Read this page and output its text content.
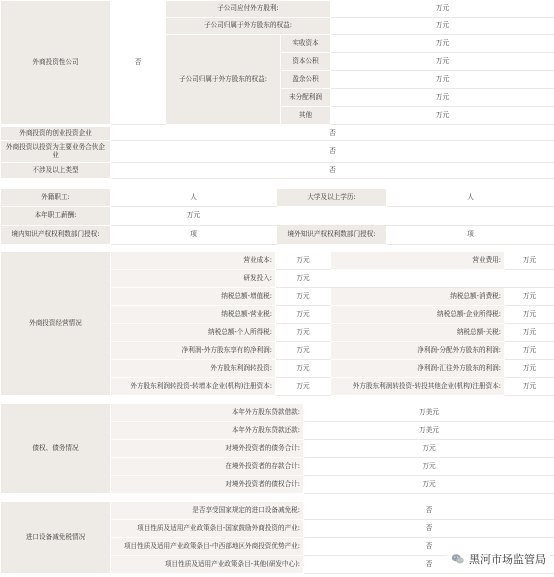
外商投资性公司	否	子公司应付外方股利:		万元
		子公司归属于外方股东的权益:		万元
		子公司归属于外方股东的权益:	实收资本	万元
			资本公积	万元
			盈余公积	万元
			未分配利润	万元
			其他	万元
外商投资的创业投资企业	否
外商投资以投资为主要业务合伙企业	否
不涉及以上类型	否
外籍职工:	人	大学及以上学历:	人
本年职工薪酬:	万元		
境内知识产权权利数部门授权:	项	境外知识产权权利数部门授权:	项
外商投资经营情况	营业成本:	万元	营业费用:	万元
	研发投入:	万元		
	纳税总额-增值税:	万元	纳税总额-消费税:	万元
	纳税总额-营业税:	万元	纳税总额-企业所得税:	万元
	纳税总额-个人所得税:	万元	纳税总额-关税:	万元
	净利润-外方股东享有的净利润:	万元	净利润-分配外方股东的利润:	万元
	外方股东利润转投资:	万元	净利润-汇往外方股东的利润:	万元
	外方股东利润转投资-转增本企业(机构)注册资本:	万元	外方股东利润转投资-转投其他企业(机构)注册资本:	万元
债权、债务情况	本年外方股东贷款借款:	万美元
	本年外方股东贷款还款:	万美元
	对境外投资者的债务合计:	万元
	在境外投资者的存款合计:	万元
	对境外投资者的债权合计:	万元
进口设备减免税情况	是否享受国家规定的进口设备减免税:	否
	项目性质及适用产业政策条目-国家鼓励外商投资的产业:	否
	项目性质及适用产业政策条目-中西部地区外商投资优势产业:	否
	项目性质及适用产业政策条目-其他(研发中心):	否	黑河市场监管局
